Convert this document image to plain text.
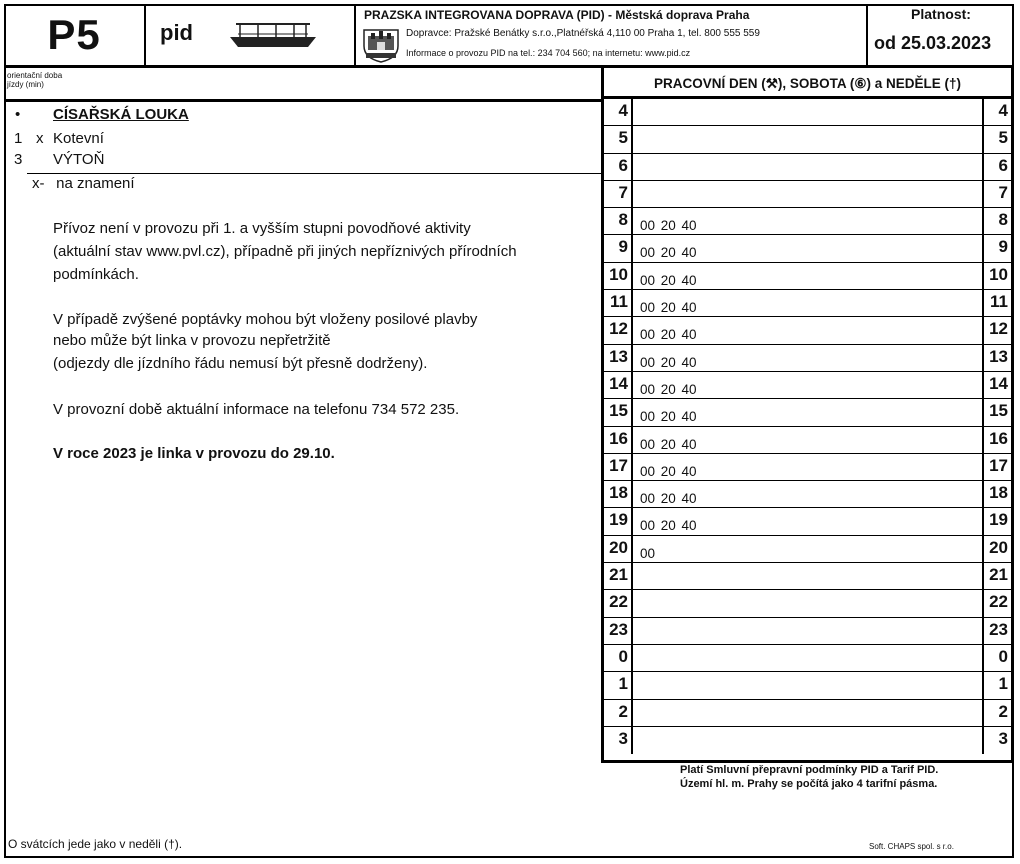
P5	pid
PRAZSKA INTEGROVANA DOPRAVA (PID) - Městská doprava Praha
Dopravce: Pražské Benátky s.r.o.,Platnéřská 4,110 00 Praha 1, tel. 800 555 559
Informace o provozu PID na tel.: 234 704 560; na internetu: www.pid.cz
Platnost:
od 25.03.2023
orientační doba
jízdy (min)
•	CÍSAŘSKÁ LOUKA
1 x Kotevní
3 VÝTOŇ
x- na znamení
Přívoz není v provozu při 1. a vyšším stupni povodňové aktivity
(aktuální stav www.pvl.cz), případně při jiných nepříznivých přírodních
podmínkách.
V případě zvýšené poptávky mohou být vloženy posilové plavby
nebo může být linka v provozu nepřetržitě
(odjezdy dle jízdního řádu nemusí být přesně dodrženy).
V provozní době aktuální informace na telefonu 734 572 235.
V roce 2023 je linka v provozu do 29.10.
O svátcích jede jako v neděli (†).
PRACOVNÍ DEN (⚒), SOBOTA (⑥) a NEDĚLE (†)
4	4
5	5
6	6
7	7
8 00 20 40	8
9 00 20 40	9
10 00 20 40	10
11 00 20 40	11
12 00 20 40	12
13 00 20 40	13
14 00 20 40	14
15 00 20 40	15
16 00 20 40	16
17 00 20 40	17
18 00 20 40	18
19 00 20 40	19
20 00	20
21	21
22	22
23	23
0	0
1	1
2	2
3	3
Platí Smluvní přepravní podmínky PID a Tarif PID.
Území hl. m. Prahy se počítá jako 4 tarifní pásma.
Soft. CHAPS spol. s r.o.
